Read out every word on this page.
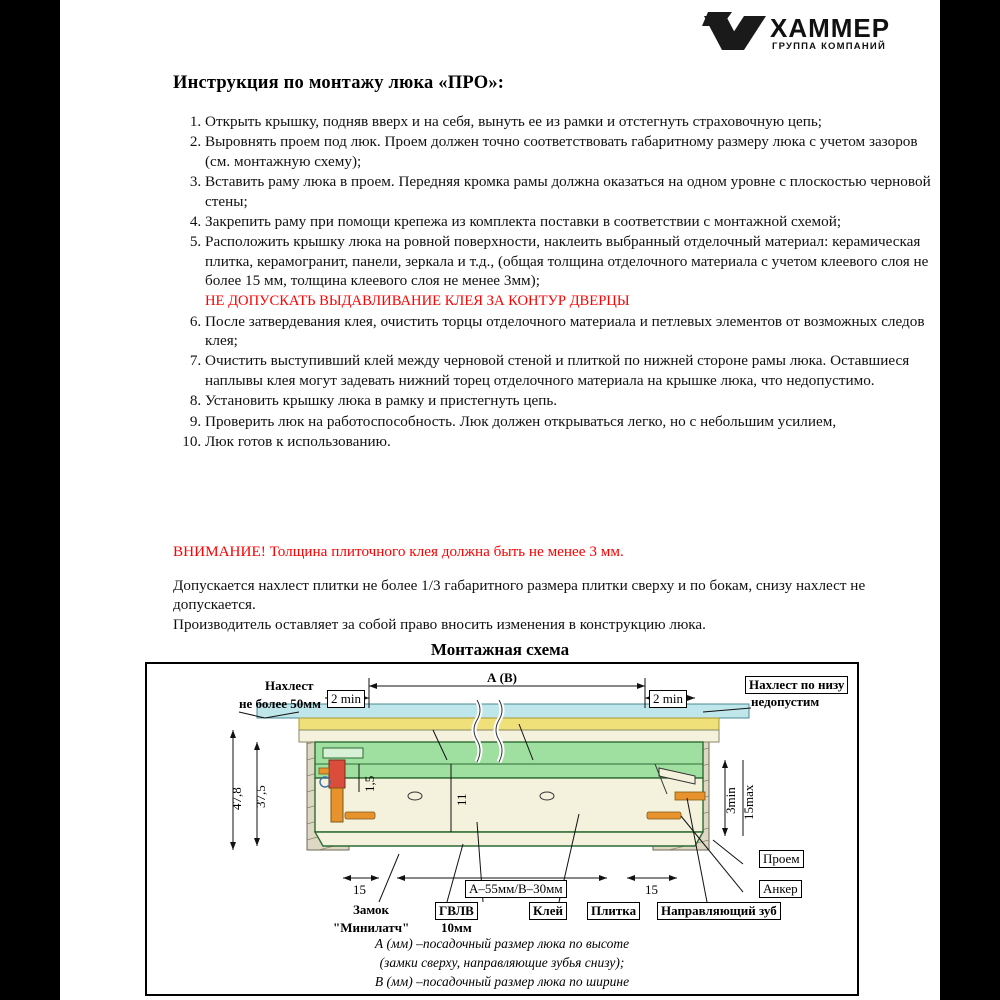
ХАММЕР
ГРУППА КОМПАНИЙ
Инструкция по монтажу люка «ПРО»:
1. Открыть крышку, подняв вверх и на себя, вынуть ее из рамки и отстегнуть страховочную цепь;
2. Выровнять проем под люк. Проем должен точно соответствовать габаритному размеру люка с учетом зазоров (см. монтажную схему);
3. Вставить раму люка в проем. Передняя кромка рамы должна оказаться на одном уровне с плоскостью черновой стены;
4. Закрепить раму при помощи крепежа из комплекта поставки в соответствии с монтажной схемой;
5. Расположить крышку люка на ровной поверхности, наклеить выбранный отделочный материал: керамическая плитка, керамогранит, панели, зеркала и т.д., (общая толщина отделочного материала с учетом клеевого слоя не более 15 мм, толщина клеевого слоя не менее 3мм);
НЕ ДОПУСКАТЬ ВЫДАВЛИВАНИЕ КЛЕЯ ЗА КОНТУР ДВЕРЦЫ
6. После затвердевания клея, очистить торцы отделочного материала и петлевых элементов от возможных следов клея;
7. Очистить выступивший клей между черновой стеной и плиткой по нижней стороне рамы люка. Оставшиеся наплывы клея могут задевать нижний торец отделочного материала на крышке люка, что недопустимо.
8. Установить крышку люка в рамку и пристегнуть цепь.
9. Проверить люк на работоспособность. Люк должен открываться легко, но с небольшим усилием,
10. Люк готов к использованию.
ВНИМАНИЕ! Толщина плиточного клея должна быть не менее 3 мм.
Допускается нахлест плитки не более 1/3 габаритного размера плитки сверху и по бокам, снизу нахлест не допускается.
Производитель оставляет за собой право вносить изменения в конструкцию люка.
Монтажная схема
Нахлест
не более 50мм
Нахлест по низу
недопустим
А (В)
2 min	2 min
47,8 37,5
1,5
11	3min 15max
15	15
А–55мм/В–30мм
Проем
Анкер
Замок
"Минилатч"
ГВЛВ
10мм
Клей	Плитка	Направляющий зуб
А (мм) –посадочный размер люка по высоте
(замки сверху, направляющие зубья снизу);
В (мм) –посадочный размер люка по ширине
